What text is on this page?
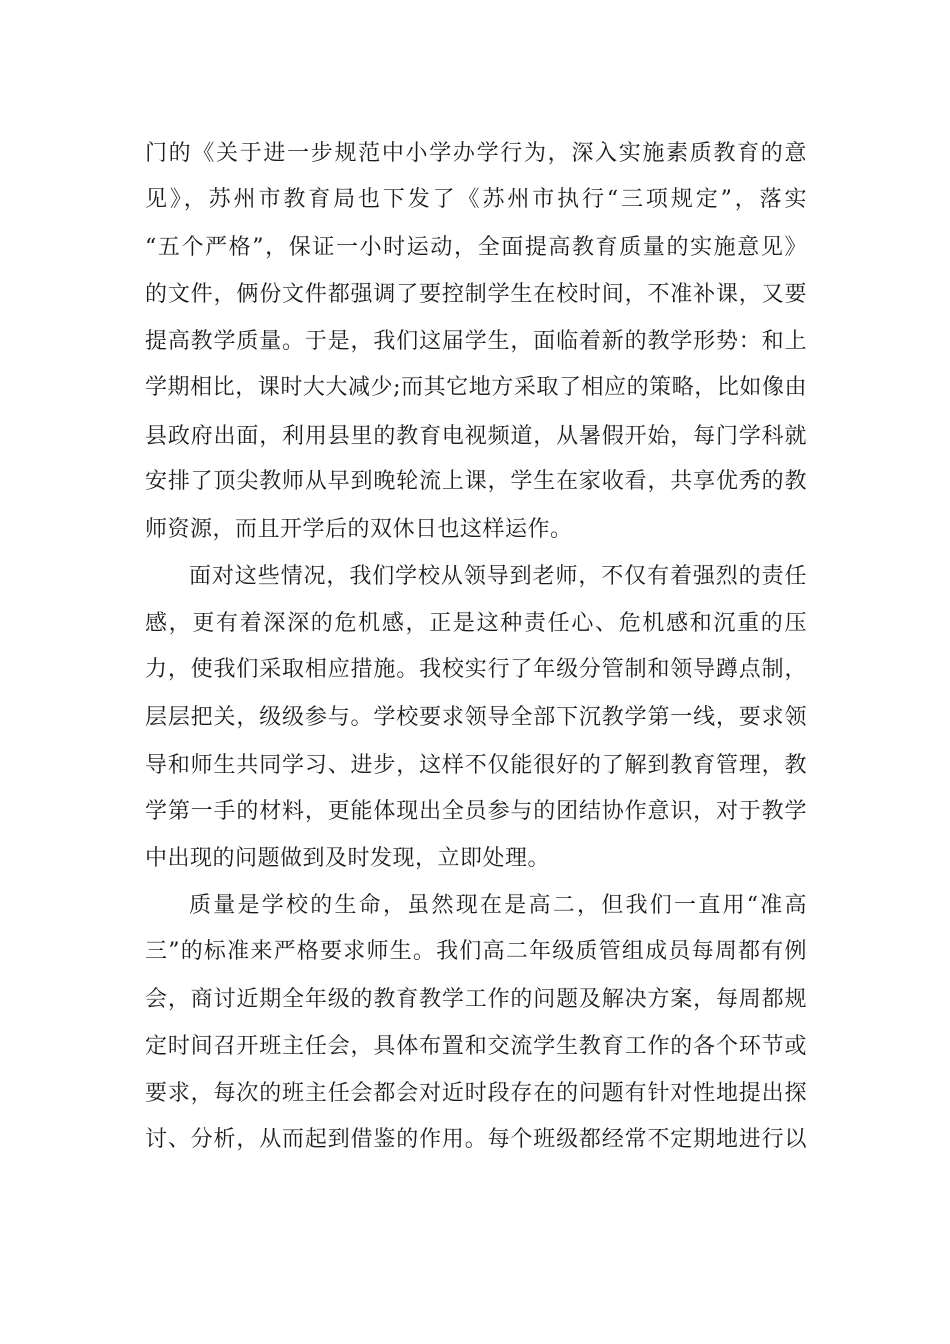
门的《关于进一步规范中小学办学行为，深入实施素质教育的意
见》，苏州市教育局也下发了《苏州市执行“三项规定”，落实
“五个严格”，保证一小时运动，全面提高教育质量的实施意见》
的文件，俩份文件都强调了要控制学生在校时间，不准补课，又要
提高教学质量。于是，我们这届学生，面临着新的教学形势：和上
学期相比，课时大大减少;而其它地方采取了相应的策略，比如像由
县政府出面，利用县里的教育电视频道，从暑假开始，每门学科就
安排了顶尖教师从早到晚轮流上课，学生在家收看，共享优秀的教
师资源，而且开学后的双休日也这样运作。
面对这些情况，我们学校从领导到老师，不仅有着强烈的责任
感，更有着深深的危机感，正是这种责任心、危机感和沉重的压
力，使我们采取相应措施。我校实行了年级分管制和领导蹲点制，
层层把关，级级参与。学校要求领导全部下沉教学第一线，要求领
导和师生共同学习、进步，这样不仅能很好的了解到教育管理，教
学第一手的材料，更能体现出全员参与的团结协作意识，对于教学
中出现的问题做到及时发现，立即处理。
质量是学校的生命，虽然现在是高二，但我们一直用“准高
三”的标准来严格要求师生。我们高二年级质管组成员每周都有例
会，商讨近期全年级的教育教学工作的问题及解决方案，每周都规
定时间召开班主任会，具体布置和交流学生教育工作的各个环节或
要求，每次的班主任会都会对近时段存在的问题有针对性地提出探
讨、分析，从而起到借鉴的作用。每个班级都经常不定期地进行以
